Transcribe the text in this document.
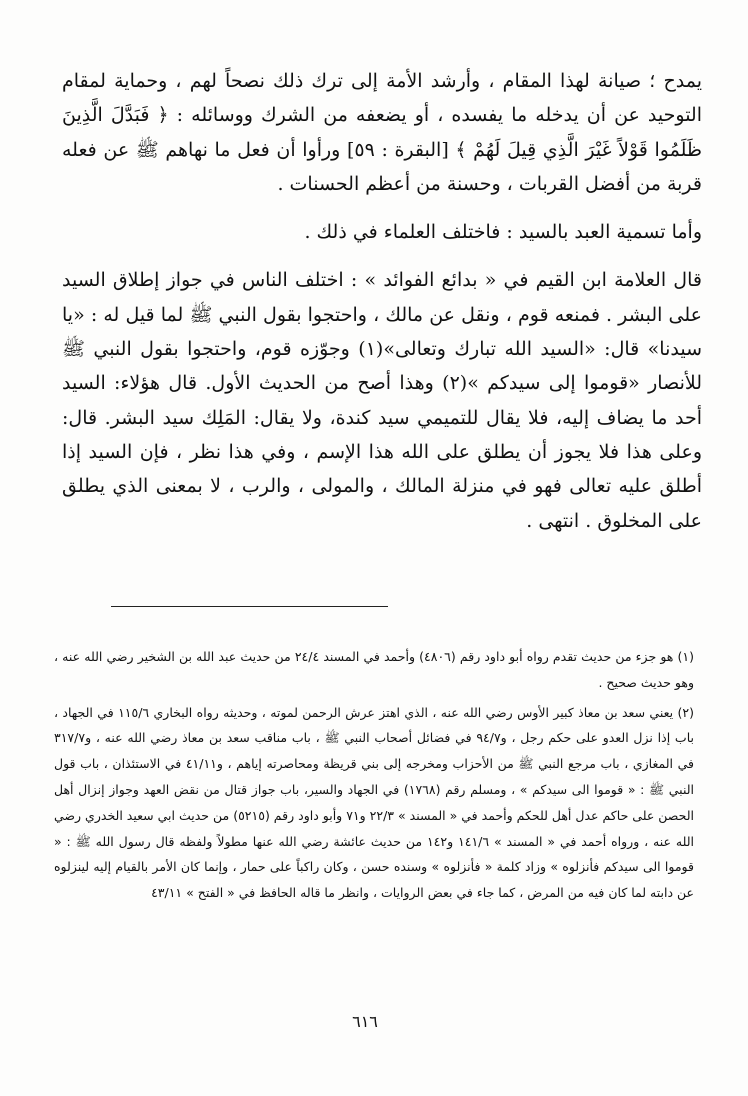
يمدح ؛ صيانة لهذا المقام ، وأرشد الأمة إلى ترك ذلك نصحاً لهم ، وحماية لمقام التوحيد عن أن يدخله ما يفسده ، أو يضعفه من الشرك ووسائله : ﴿ فَبَدَّلَ الَّذِينَ ظَلَمُوا قَوْلاً غَيْرَ الَّذِي قِيلَ لَهُمْ ﴾ [البقرة : ٥٩] ورأوا أن فعل ما نهاهم ﷺ عن فعله قربة من أفضل القربات ، وحسنة من أعظم الحسنات .

وأما تسمية العبد بالسيد : فاختلف العلماء في ذلك .

قال العلامة ابن القيم في « بدائع الفوائد » : اختلف الناس في جواز إطلاق السيد على البشر . فمنعه قوم ، ونقل عن مالك ، واحتجوا بقول النبي ﷺ لما قيل له : «يا سيدنا» قال: «السيد الله تبارك وتعالى»(١) وجوّزه قوم، واحتجوا بقول النبي ﷺ للأنصار «قوموا إلى سيدكم »(٢) وهذا أصح من الحديث الأول. قال هؤلاء: السيد أحد ما يضاف إليه، فلا يقال للتميمي سيد كندة، ولا يقال: المَلِك سيد البشر. قال: وعلى هذا فلا يجوز أن يطلق على الله هذا الإسم ، وفي هذا نظر ، فإن السيد إذا أطلق عليه تعالى فهو في منزلة المالك ، والمولى ، والرب ، لا بمعنى الذي يطلق على المخلوق . انتهى .

(١) هو جزء من حديث تقدم رواه أبو داود رقم (٤٨٠٦) وأحمد في المسند ٢٤/٤ من حديث عبد الله بن الشخير رضي الله عنه ، وهو حديث صحيح .

(٢) يعني سعد بن معاذ كبير الأوس رضي الله عنه ، الذي اهتز عرش الرحمن لموته ، وحديثه رواه البخاري ١١٥/٦ في الجهاد ، باب إذا نزل العدو على حكم رجل ، و٩٤/٧ في فضائل أصحاب النبي ﷺ ، باب مناقب سعد بن معاذ رضي الله عنه ، و٣١٧/٧ في المغازي ، باب مرجع النبي ﷺ من الأحزاب ومخرجه إلى بني قريظة ومحاصرته إياهم ، و٤١/١١ في الاستئذان ، باب قول النبي ﷺ : « قوموا الى سيدكم » ، ومسلم رقم (١٧٦٨) في الجهاد والسير، باب جواز قتال من نقض العهد وجواز إنزال أهل الحصن على حاكم عدل أهل للحكم وأحمد في « المسند » ٢٢/٣ و٧١ وأبو داود رقم (٥٢١٥) من حديث ابي سعيد الخدري رضي الله عنه ، ورواه أحمد في « المسند » ١٤١/٦ و١٤٢ من حديث عائشة رضي الله عنها مطولاً ولفظه قال رسول الله ﷺ : « قوموا الى سيدكم فأنزلوه » وزاد كلمة « فأنزلوه » وسنده حسن ، وكان راكباً على حمار ، وإنما كان الأمر بالقيام إليه لينزلوه عن دابته لما كان فيه من المرض ، كما جاء في بعض الروايات ، وانظر ما قاله الحافظ في « الفتح » ٤٣/١١

٦١٦
